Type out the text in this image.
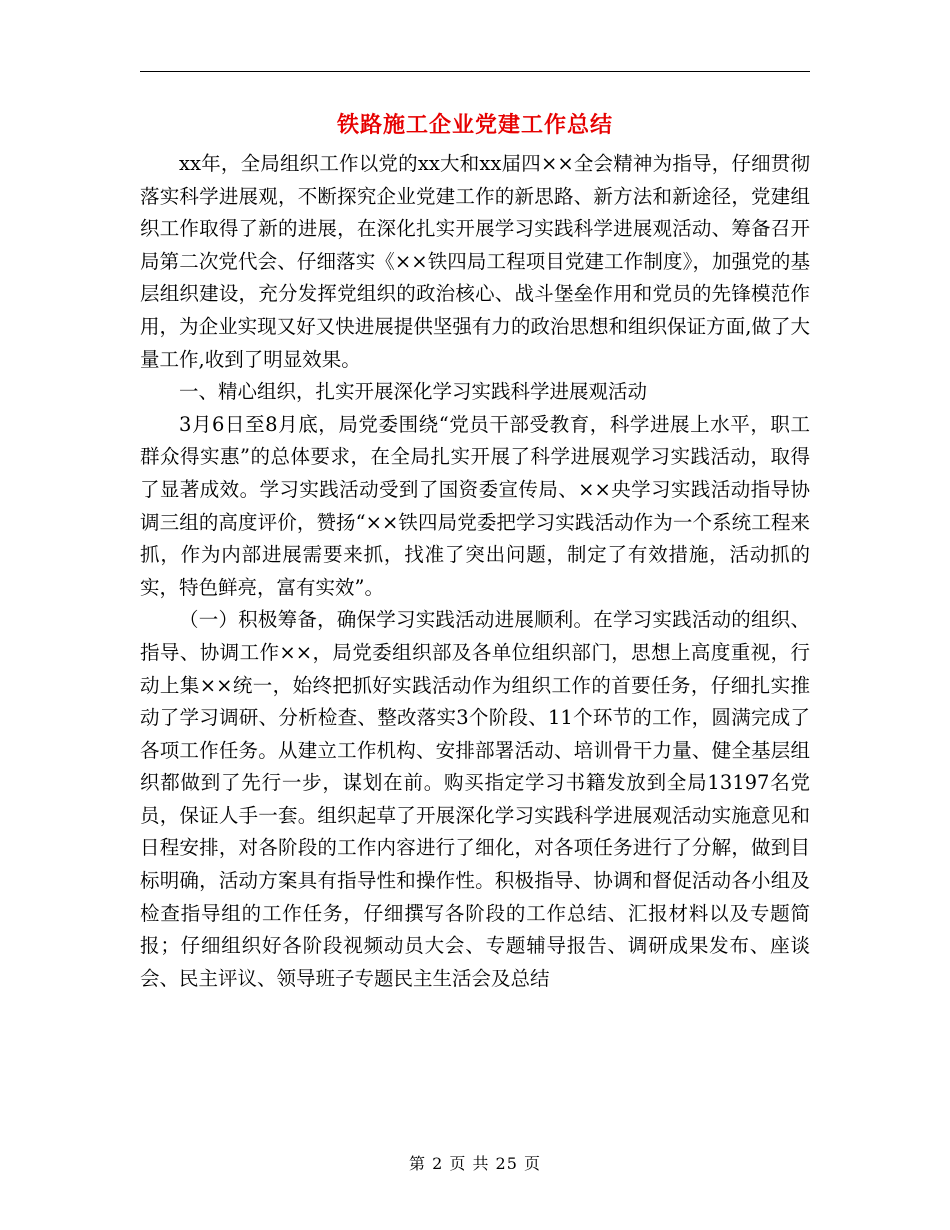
铁路施工企业党建工作总结

xx年，全局组织工作以党的xx大和xx届四××全会精神为指导，仔细贯彻落实科学进展观，不断探究企业党建工作的新思路、新方法和新途径，党建组织工作取得了新的进展，在深化扎实开展学习实践科学进展观活动、筹备召开局第二次党代会、仔细落实《××铁四局工程项目党建工作制度》，加强党的基层组织建设，充分发挥党组织的政治核心、战斗堡垒作用和党员的先锋模范作用，为企业实现又好又快进展提供坚强有力的政治思想和组织保证方面,做了大量工作,收到了明显效果。

一、精心组织，扎实开展深化学习实践科学进展观活动

3月6日至8月底，局党委围绕“党员干部受教育，科学进展上水平，职工群众得实惠”的总体要求，在全局扎实开展了科学进展观学习实践活动，取得了显著成效。学习实践活动受到了国资委宣传局、××央学习实践活动指导协调三组的高度评价，赞扬“××铁四局党委把学习实践活动作为一个系统工程来抓，作为内部进展需要来抓，找准了突出问题，制定了有效措施，活动抓的实，特色鲜亮，富有实效”。

（一）积极筹备，确保学习实践活动进展顺利。在学习实践活动的组织、指导、协调工作××，局党委组织部及各单位组织部门，思想上高度重视，行动上集××统一，始终把抓好实践活动作为组织工作的首要任务，仔细扎实推动了学习调研、分析检查、整改落实3个阶段、11个环节的工作，圆满完成了各项工作任务。从建立工作机构、安排部署活动、培训骨干力量、健全基层组织都做到了先行一步，谋划在前。购买指定学习书籍发放到全局13197名党员，保证人手一套。组织起草了开展深化学习实践科学进展观活动实施意见和日程安排，对各阶段的工作内容进行了细化，对各项任务进行了分解，做到目标明确，活动方案具有指导性和操作性。积极指导、协调和督促活动各小组及检查指导组的工作任务，仔细撰写各阶段的工作总结、汇报材料以及专题简报；仔细组织好各阶段视频动员大会、专题辅导报告、调研成果发布、座谈会、民主评议、领导班子专题民主生活会及总结

第 2 页 共 25 页
